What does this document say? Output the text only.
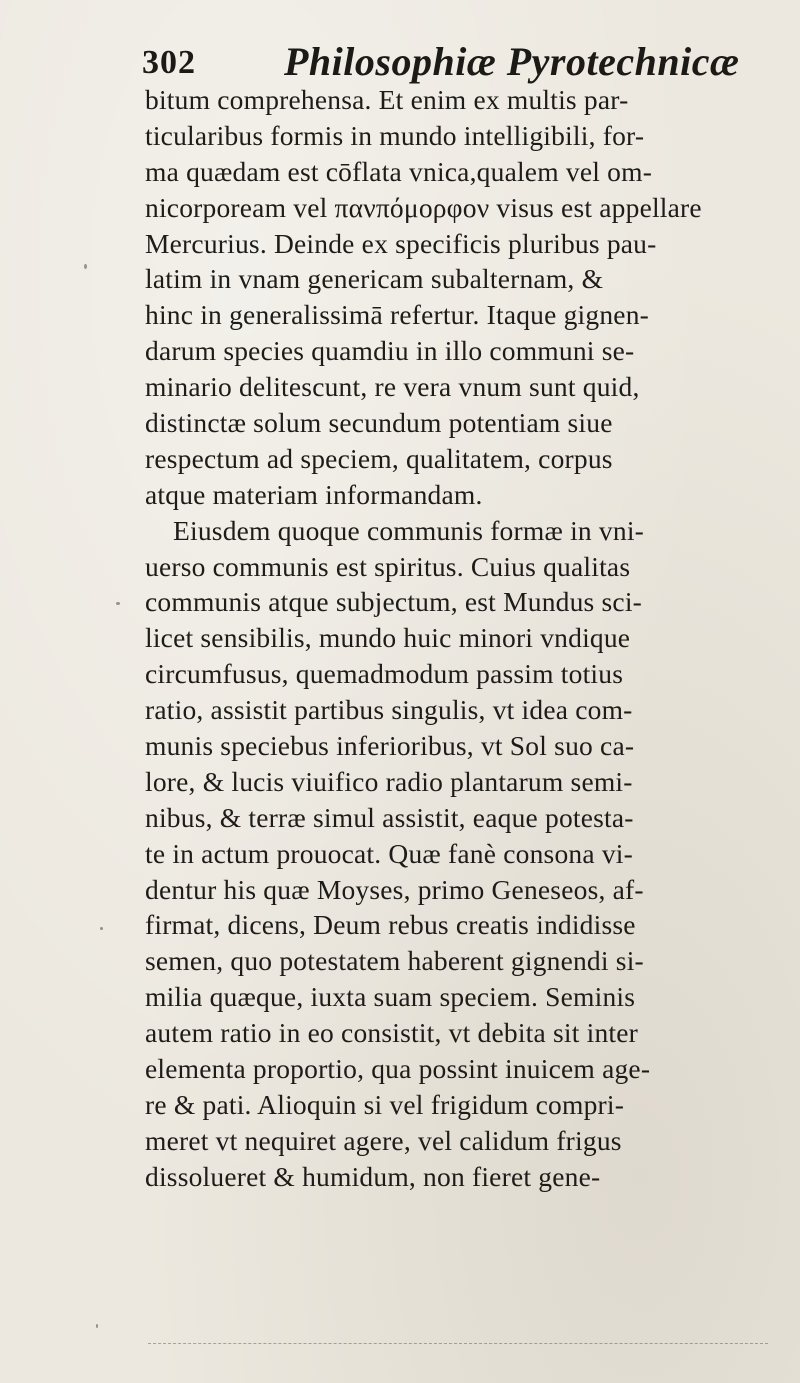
302 Philosophiæ Pyrotechnicæ
bitum comprehensa. Et enim ex multis par-
ticularibus formis in mundo intelligibili, for-
ma quædam est cōflata vnica,qualem vel om-
nicorpoream vel πανπόμορφον visus est appellare
Mercurius. Deinde ex specificis pluribus pau-
latim in vnam genericam subalternam, &
hinc in generalissimā refertur. Itaque gignen-
darum species quamdiu in illo communi se-
minario delitescunt, re vera vnum sunt quid,
distinctæ solum secundum potentiam siue
respectum ad speciem, qualitatem, corpus
atque materiam informandam.
Eiusdem quoque communis formæ in vni-
uerso communis est spiritus. Cuius qualitas
communis atque subjectum, est Mundus sci-
licet sensibilis, mundo huic minori vndique
circumfusus, quemadmodum passim totius
ratio, assistit partibus singulis, vt idea com-
munis speciebus inferioribus, vt Sol suo ca-
lore, & lucis viuifico radio plantarum semi-
nibus, & terræ simul assistit, eaque potesta-
te in actum prouocat. Quæ fanè consona vi-
dentur his quæ Moyses, primo Geneseos, af-
firmat, dicens, Deum rebus creatis indidisse
semen, quo potestatem haberent gignendi si-
milia quæque, iuxta suam speciem. Seminis
autem ratio in eo consistit, vt debita sit inter
elementa proportio, qua possint inuicem age-
re & pati. Alioquin si vel frigidum compri-
meret vt nequiret agere, vel calidum frigus
dissolueret & humidum, non fieret gene-
